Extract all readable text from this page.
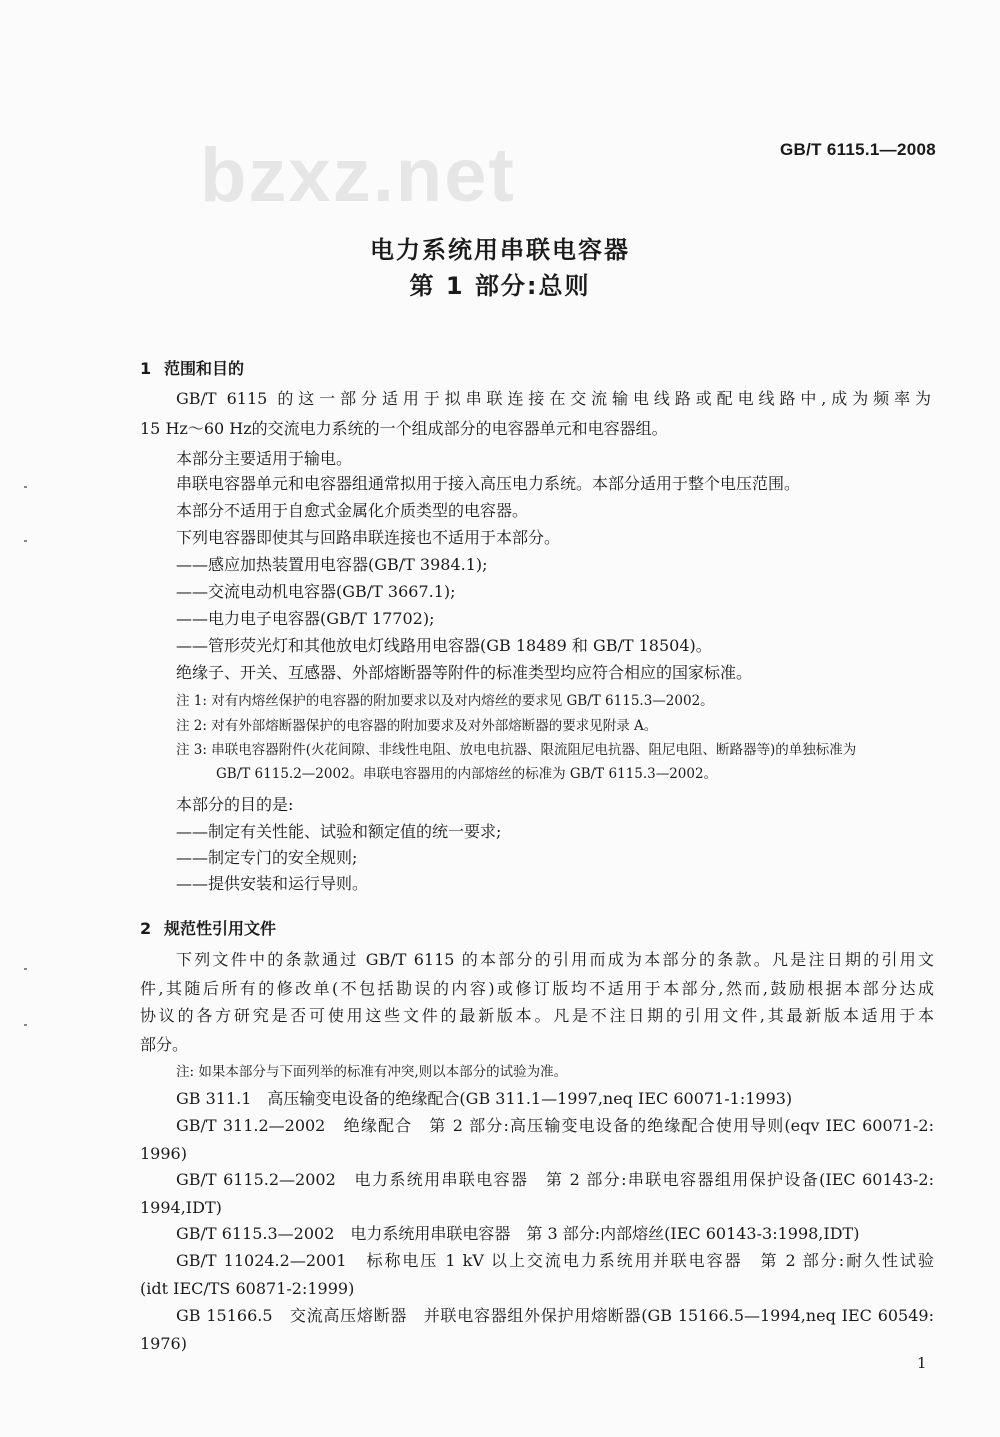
bzxz.net	GB/T 6115.1—2008
电力系统用串联电容器
第 1 部分:总则
1 范围和目的
GB/T 6115 的这一部分适用于拟串联连接在交流输电线路或配电线路中,成为频率为
15 Hz～60 Hz的交流电力系统的一个组成部分的电容器单元和电容器组。
本部分主要适用于输电。
串联电容器单元和电容器组通常拟用于接入高压电力系统。本部分适用于整个电压范围。
本部分不适用于自愈式金属化介质类型的电容器。
下列电容器即使其与回路串联连接也不适用于本部分。
——感应加热装置用电容器(GB/T 3984.1);
——交流电动机电容器(GB/T 3667.1);
——电力电子电容器(GB/T 17702);
——管形荧光灯和其他放电灯线路用电容器(GB 18489 和 GB/T 18504)。
绝缘子、开关、互感器、外部熔断器等附件的标准类型均应符合相应的国家标准。
注 1: 对有内熔丝保护的电容器的附加要求以及对内熔丝的要求见 GB/T 6115.3—2002。
注 2: 对有外部熔断器保护的电容器的附加要求及对外部熔断器的要求见附录 A。
注 3: 串联电容器附件(火花间隙、非线性电阻、放电电抗器、限流阻尼电抗器、阻尼电阻、断路器等)的单独标准为
GB/T 6115.2—2002。串联电容器用的内部熔丝的标准为 GB/T 6115.3—2002。
本部分的目的是:
——制定有关性能、试验和额定值的统一要求;
——制定专门的安全规则;
——提供安装和运行导则。
2 规范性引用文件
下列文件中的条款通过 GB/T 6115 的本部分的引用而成为本部分的条款。凡是注日期的引用文
件,其随后所有的修改单(不包括勘误的内容)或修订版均不适用于本部分,然而,鼓励根据本部分达成
协议的各方研究是否可使用这些文件的最新版本。凡是不注日期的引用文件,其最新版本适用于本
部分。
注: 如果本部分与下面列举的标准有冲突,则以本部分的试验为准。
GB 311.1　高压输变电设备的绝缘配合(GB 311.1—1997,neq IEC 60071-1:1993)
GB/T 311.2—2002　绝缘配合　第 2 部分:高压输变电设备的绝缘配合使用导则(eqv IEC 60071-2:
1996)
GB/T 6115.2—2002　电力系统用串联电容器　第 2 部分:串联电容器组用保护设备(IEC 60143-2:
1994,IDT)
GB/T 6115.3—2002　电力系统用串联电容器　第 3 部分:内部熔丝(IEC 60143-3:1998,IDT)
GB/T 11024.2—2001　标称电压 1 kV 以上交流电力系统用并联电容器　第 2 部分:耐久性试验
(idt IEC/TS 60871-2:1999)
GB 15166.5　交流高压熔断器　并联电容器组外保护用熔断器(GB 15166.5—1994,neq IEC 60549:
1976)
1
